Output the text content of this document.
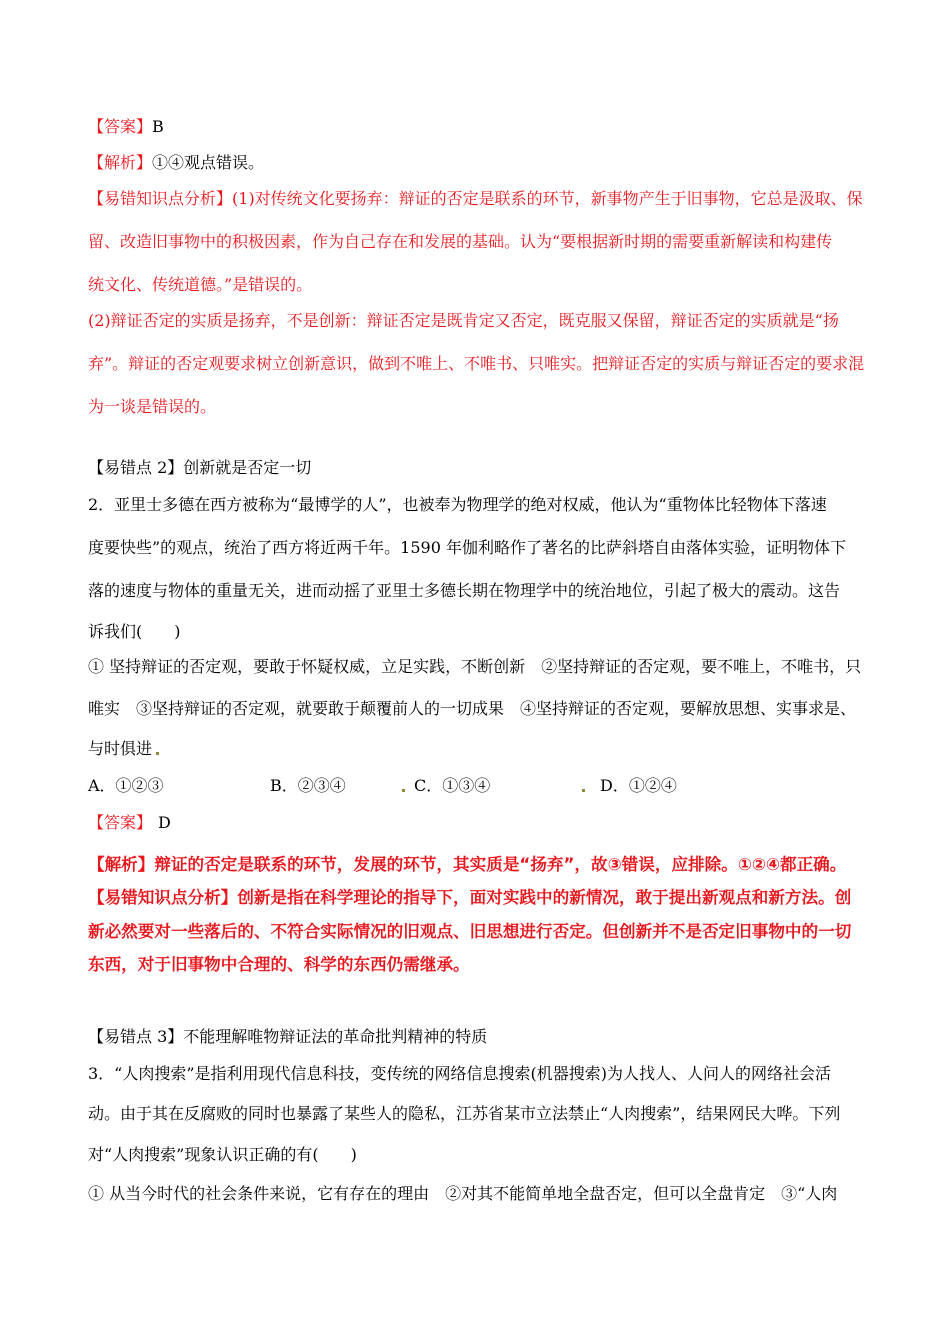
【答案】B
【解析】①④观点错误。
【易错知识点分析】(1)对传统文化要扬弃：辩证的否定是联系的环节，新事物产生于旧事物，它总是汲取、保
留、改造旧事物中的积极因素，作为自己存在和发展的基础。认为“要根据新时期的需要重新解读和构建传
统文化、传统道德。”是错误的。
(2)辩证否定的实质是扬弃，不是创新：辩证否定是既肯定又否定，既克服又保留，辩证否定的实质就是“扬
弃”。辩证的否定观要求树立创新意识，做到不唯上、不唯书、只唯实。把辩证否定的实质与辩证否定的要求混
为一谈是错误的。
【易错点 2】创新就是否定一切
2．亚里士多德在西方被称为“最博学的人”，也被奉为物理学的绝对权威，他认为“重物体比轻物体下落速
度要快些”的观点，统治了西方将近两千年。1590 年伽利略作了著名的比萨斜塔自由落体实验，证明物体下
落的速度与物体的重量无关，进而动摇了亚里士多德长期在物理学中的统治地位，引起了极大的震动。这告
诉我们(　　)
① 坚持辩证的否定观，要敢于怀疑权威，立足实践，不断创新　②坚持辩证的否定观，要不唯上，不唯书，只
唯实　③坚持辩证的否定观，就要敢于颠覆前人的一切成果　④坚持辩证的否定观，要解放思想、实事求是、
与时俱进
A．①②③	B．②③④	C．①③④	D．①②④
【答案】 D
【解析】辩证的否定是联系的环节，发展的环节，其实质是“扬弃”，故③错误，应排除。①②④都正确。
【易错知识点分析】创新是指在科学理论的指导下，面对实践中的新情况，敢于提出新观点和新方法。创
新必然要对一些落后的、不符合实际情况的旧观点、旧思想进行否定。但创新并不是否定旧事物中的一切
东西，对于旧事物中合理的、科学的东西仍需继承。
【易错点 3】不能理解唯物辩证法的革命批判精神的特质
3．“人肉搜索”是指利用现代信息科技，变传统的网络信息搜索(机器搜索)为人找人、人问人的网络社会活
动。由于其在反腐败的同时也暴露了某些人的隐私，江苏省某市立法禁止“人肉搜索”，结果网民大哗。下列
对“人肉搜索”现象认识正确的有(　　)
① 从当今时代的社会条件来说，它有存在的理由　②对其不能简单地全盘否定，但可以全盘肯定　③“人肉
